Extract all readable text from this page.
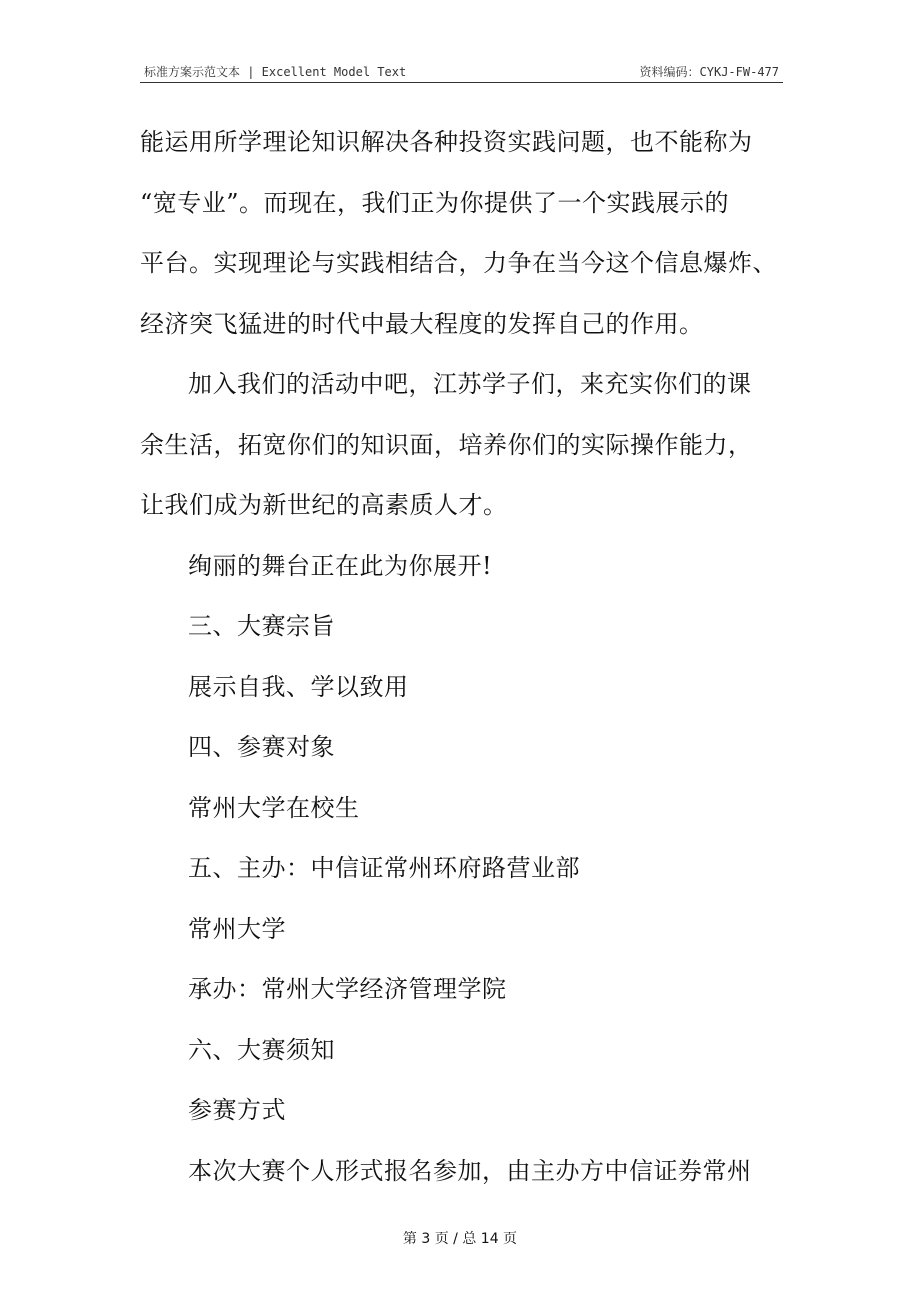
标准方案示范文本 | Excellent Model Text	资料编码：CYKJ-FW-477
能运用所学理论知识解决各种投资实践问题，也不能称为
“宽专业”。而现在，我们正为你提供了一个实践展示的
平台。实现理论与实践相结合，力争在当今这个信息爆炸、
经济突飞猛进的时代中最大程度的发挥自己的作用。
加入我们的活动中吧，江苏学子们，来充实你们的课
余生活，拓宽你们的知识面，培养你们的实际操作能力，
让我们成为新世纪的高素质人才。
绚丽的舞台正在此为你展开!
三、大赛宗旨
展示自我、学以致用
四、参赛对象
常州大学在校生
五、主办：中信证常州环府路营业部
常州大学
承办：常州大学经济管理学院
六、大赛须知
参赛方式
本次大赛个人形式报名参加，由主办方中信证券常州
第 3 页 / 总 14 页
